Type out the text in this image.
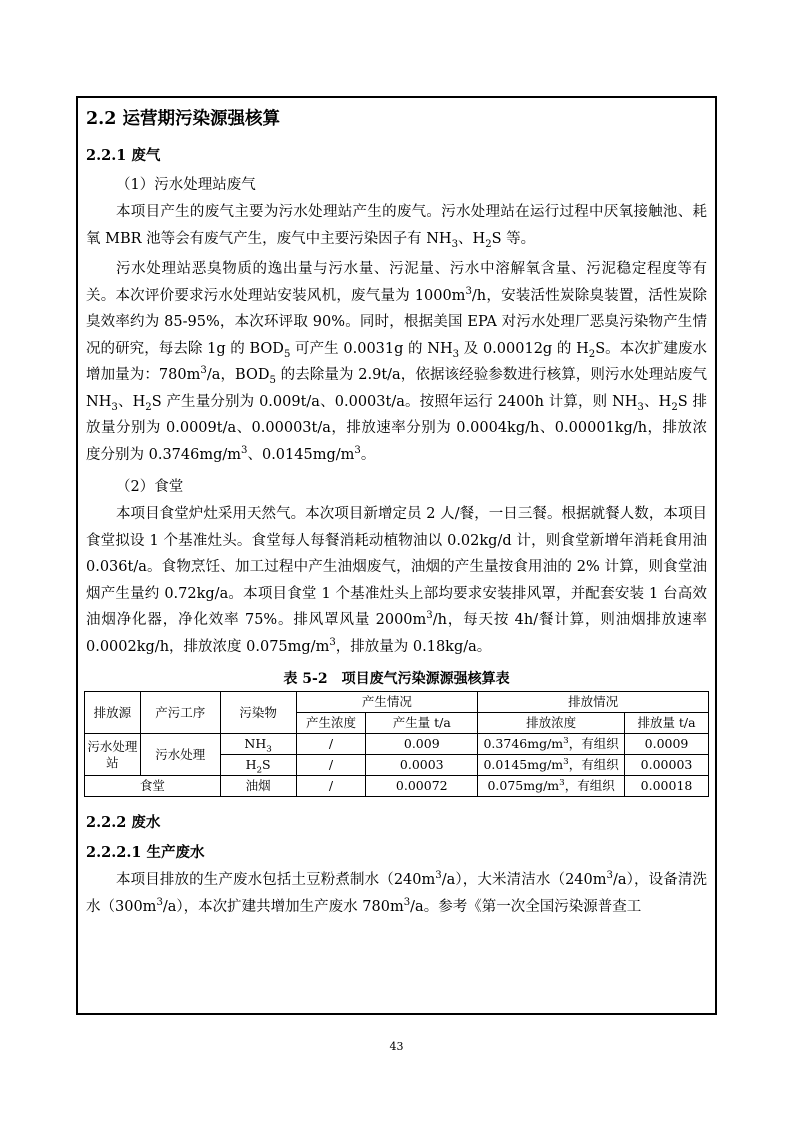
2.2 运营期污染源强核算
2.2.1 废气
（1）污水处理站废气

本项目产生的废气主要为污水处理站产生的废气。污水处理站在运行过程中厌氧接触池、耗氧 MBR 池等会有废气产生，废气中主要污染因子有 $NH_3$、$H_2S$ 等。

污水处理站恶臭物质的逸出量与污水量、污泥量、污水中溶解氧含量、污泥稳定程度等有关。本次评价要求污水处理站安装风机，废气量为 $1000m^3/h$，安装活性炭除臭装置，活性炭除臭效率约为 85-95%，本次环评取 90%。同时，根据美国 EPA 对污水处理厂恶臭污染物产生情况的研究，每去除 1g 的 $BOD_5$ 可产生 0.0031g 的 $NH_3$ 及 0.00012g 的 $H_2S$。本次扩建废水增加量为：$780m^3/a$，$BOD_5$ 的去除量为 2.9t/a，依据该经验参数进行核算，则污水处理站废气 $NH_3$、$H_2S$ 产生量分别为 0.009t/a、0.0003t/a。按照年运行 2400h 计算，则 $NH_3$、$H_2S$ 排放量分别为 0.0009t/a、0.00003t/a，排放速率分别为 0.0004kg/h、0.00001kg/h，排放浓度分别为 $0.3746mg/m^3$、$0.0145mg/m^3$。

（2）食堂

本项目食堂炉灶采用天然气。本次项目新增定员 2 人/餐，一日三餐。根据就餐人数，本项目食堂拟设 1 个基准灶头。食堂每人每餐消耗动植物油以 0.02kg/d 计，则食堂新增年消耗食用油 0.036t/a。食物烹饪、加工过程中产生油烟废气，油烟的产生量按食用油的 2% 计算，则食堂油烟产生量约 0.72kg/a。本项目食堂 1 个基准灶头上部均要求安装排风罩，并配套安装 1 台高效油烟净化器，净化效率 75%。排风罩风量 $2000m^3/h$，每天按 4h/餐计算，则油烟排放速率 0.0002kg/h，排放浓度 $0.075mg/m^3$，排放量为 0.18kg/a。

表 5-2　项目废气污染源源强核算表
排放源	产污工序	污染物	产生情况		排放情况	
			产生浓度	产生量 t/a	排放浓度	排放量 t/a
污水处理站	污水处理	$NH_3$	/	0.009	$0.3746mg/m^3$，有组织	0.0009
		$H_2S$	/	0.0003	$0.0145mg/m^3$，有组织	0.00003
食堂		油烟	/	0.00072	$0.075mg/m^3$，有组织	0.00018
2.2.2 废水
2.2.2.1 生产废水

本项目排放的生产废水包括土豆粉煮制水$(240m^3/a)$，大米清洁水$(240m^3/a)$，设备清洗水$(300m^3/a)$，本次扩建共增加生产废水 $780m^3/a$。参考《第一次全国污染源普查工

43
